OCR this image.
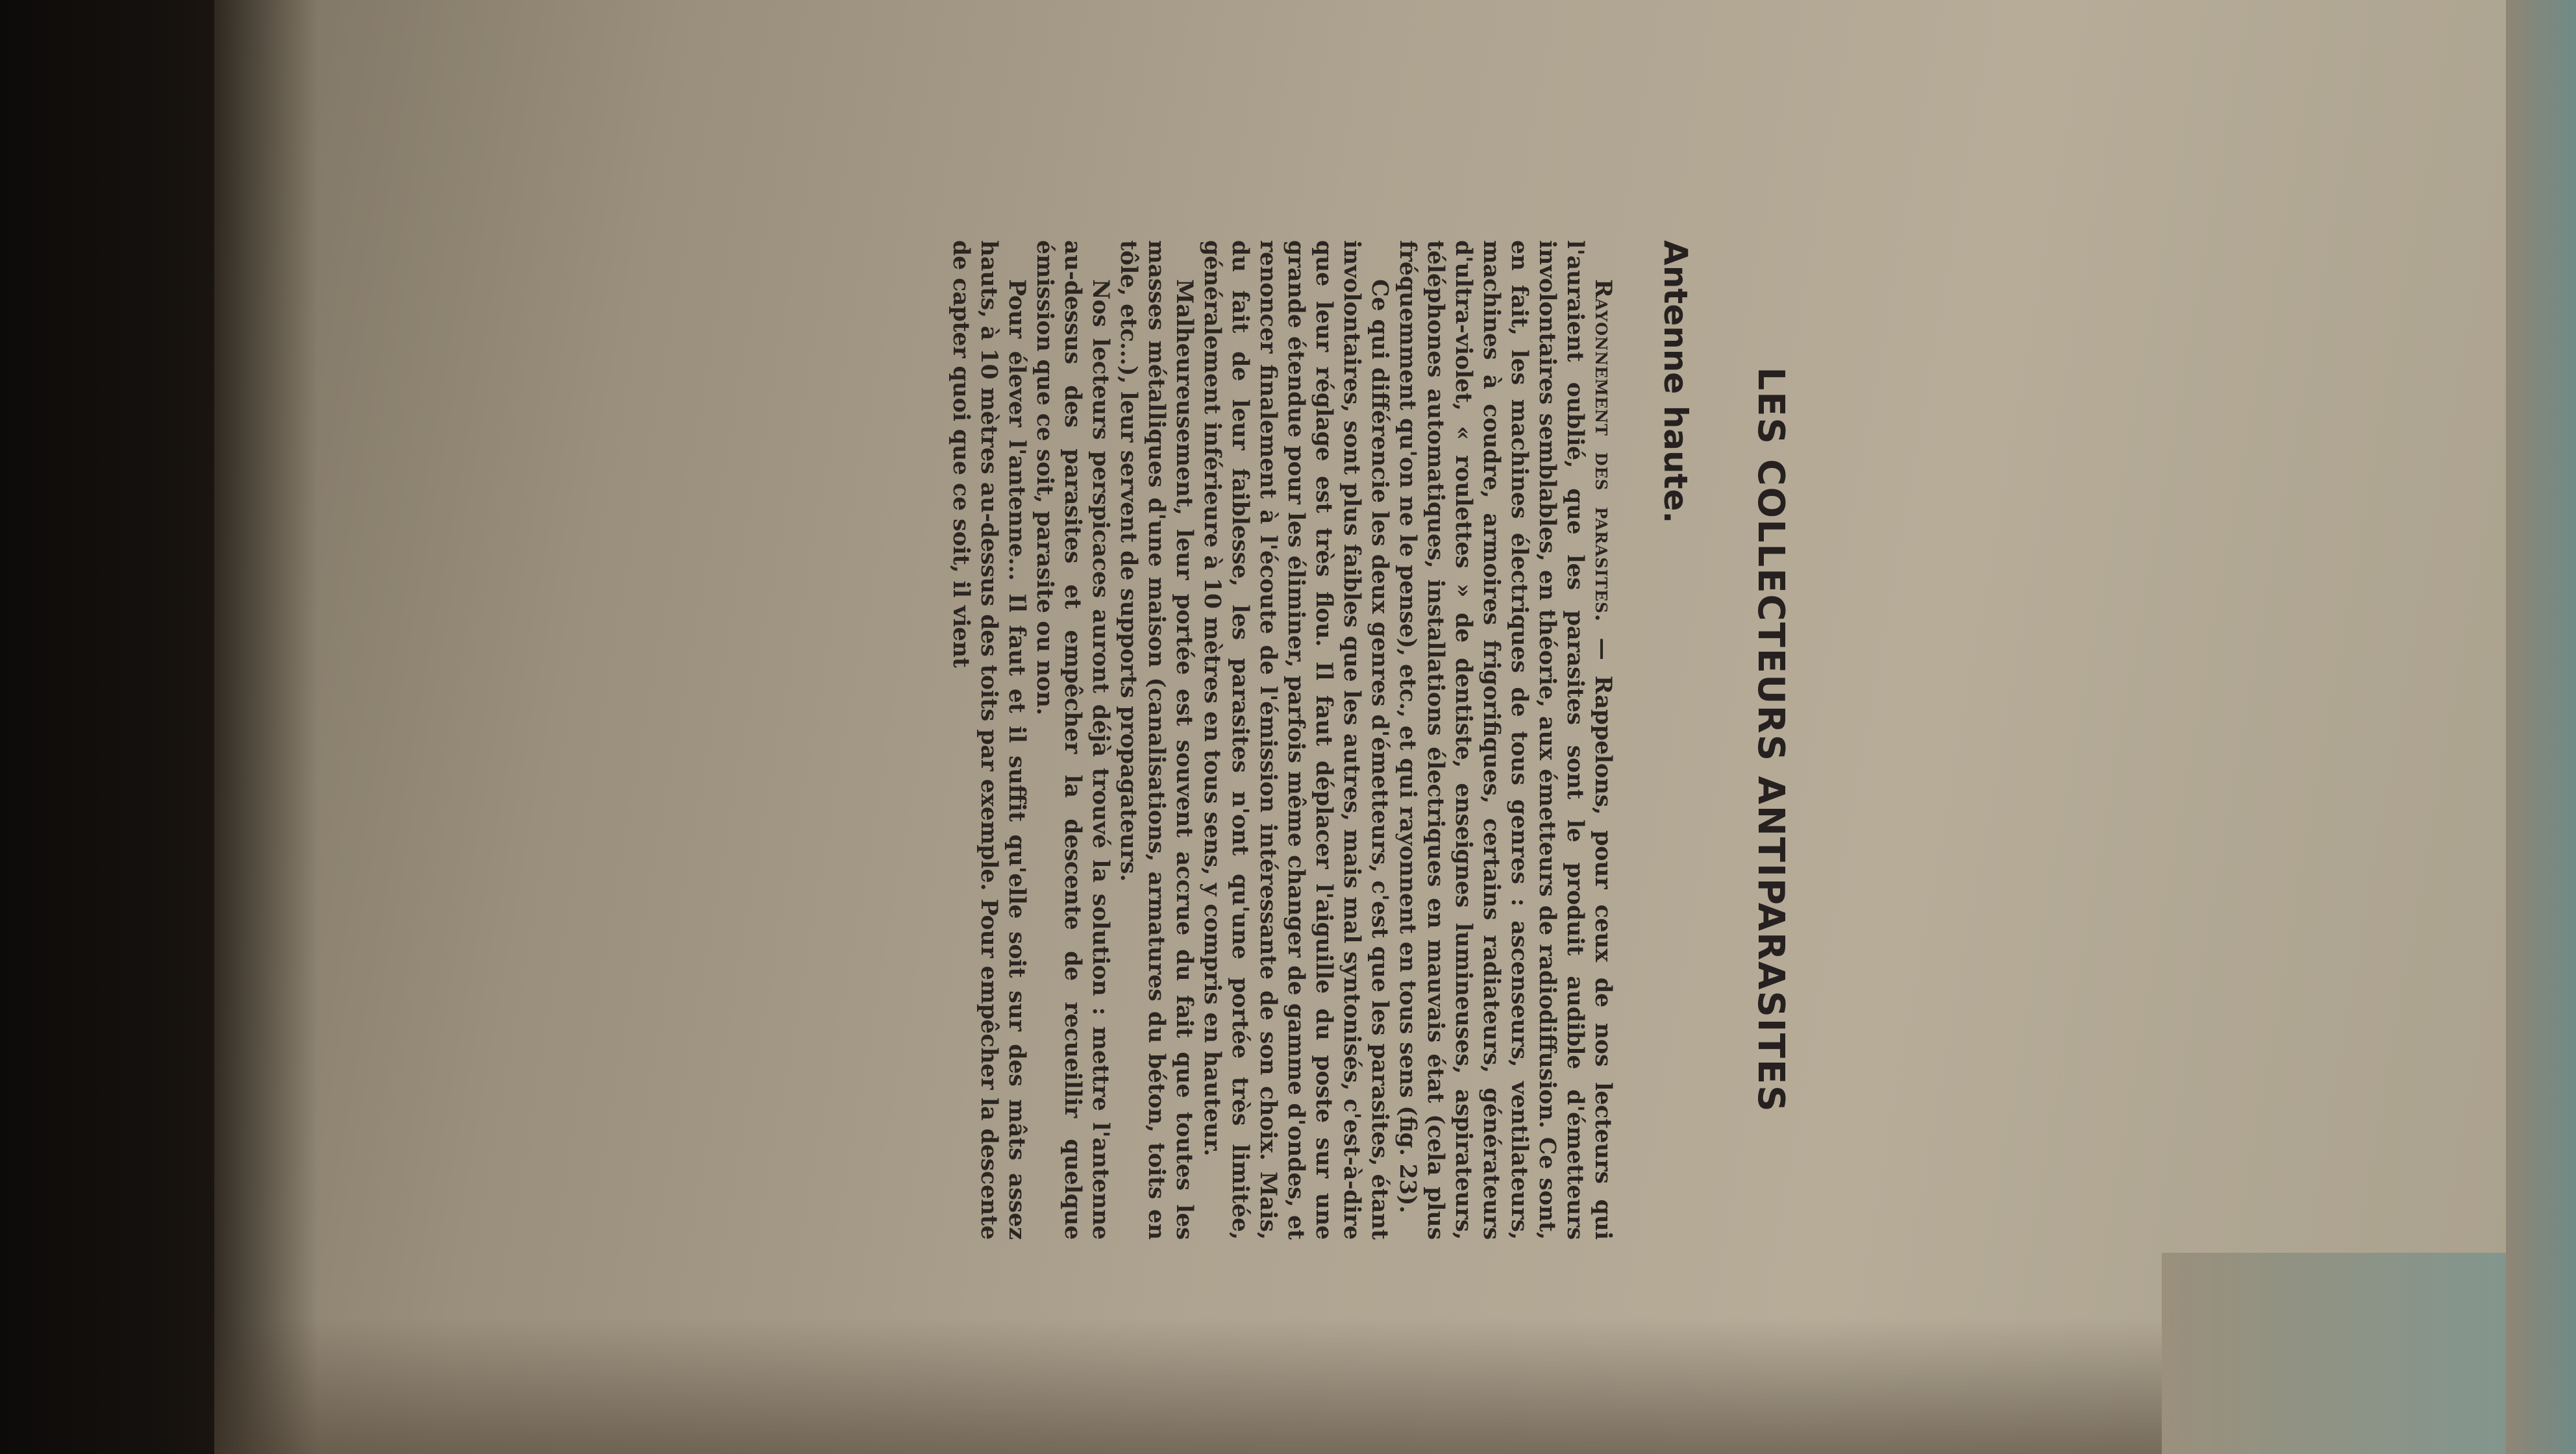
LES COLLECTEURS ANTIPARASITES
Antenne haute.

Rayonnement des parasites. — Rappelons, pour ceux de nos lecteurs qui l'auraient oublié, que les parasites sont le produit audible d'émetteurs involontaires semblables, en théorie, aux émetteurs de radiodiffusion. Ce sont, en fait, les machines électriques de tous genres : ascenseurs, ventilateurs, machines à coudre, armoires frigorifiques, certains radiateurs, générateurs d'ultra-violet, « roulettes » de dentiste, enseignes lumineuses, aspirateurs, téléphones automatiques, installations électriques en mauvais état (cela plus fréquemment qu'on ne le pense), etc., et qui rayonnent en tous sens (fig. 23).

Ce qui différencie les deux genres d'émetteurs, c'est que les parasites, étant involontaires, sont plus faibles que les autres, mais mal syntonisés, c'est-à-dire que leur réglage est très flou. Il faut déplacer l'aiguille du poste sur une grande étendue pour les éliminer, parfois même changer de gamme d'ondes, et renoncer finalement à l'écoute de l'émission intéressante de son choix. Mais, du fait de leur faiblesse, les parasites n'ont qu'une portée très limitée, généralement inférieure à 10 mètres en tous sens, y compris en hauteur.

Malheureusement, leur portée est souvent accrue du fait que toutes les masses métalliques d'une maison (canalisations, armatures du béton, toits en tôle, etc...), leur servent de supports propagateurs.

Nos lecteurs perspicaces auront déjà trouvé la solution : mettre l'antenne au-dessus des parasites et empêcher la descente de recueillir quelque émission que ce soit, parasite ou non.

Pour élever l'antenne... Il faut et il suffit qu'elle soit sur des mâts assez hauts, à 10 mètres au-dessus des toits par exemple. Pour empêcher la descente de capter quoi que ce soit, il vient
